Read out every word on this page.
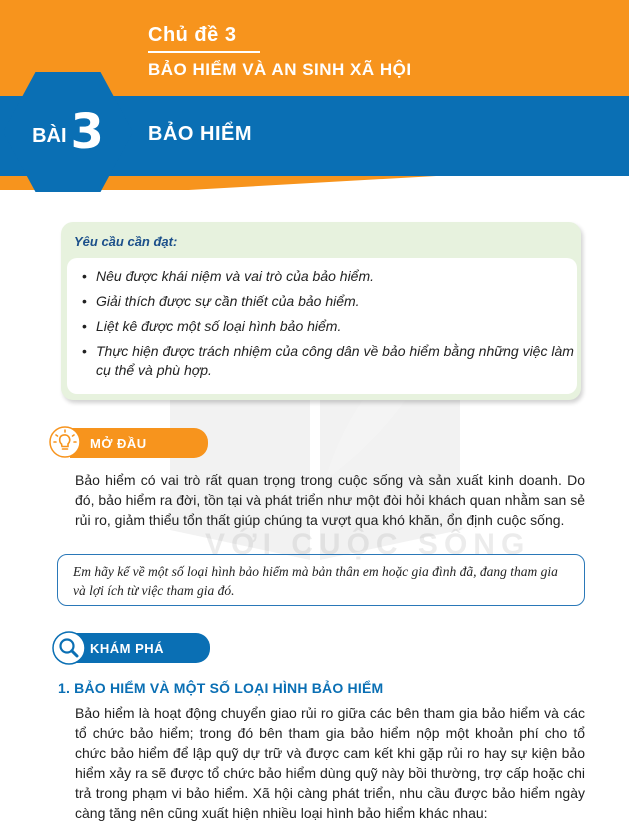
Chủ đề 3
BẢO HIỂM VÀ AN SINH XÃ HỘI
BÀI 3 BẢO HIỂM
VỚI CUỘC SỐNG
Yêu cầu cần đạt:
• Nêu được khái niệm và vai trò của bảo hiểm.
• Giải thích được sự cần thiết của bảo hiểm.
• Liệt kê được một số loại hình bảo hiểm.
• Thực hiện được trách nhiệm của công dân về bảo hiểm bằng những việc làm cụ thể và phù hợp.
MỞ ĐẦU

Bảo hiểm có vai trò rất quan trọng trong cuộc sống và sản xuất kinh doanh. Do đó, bảo hiểm ra đời, tồn tại và phát triển như một đòi hỏi khách quan nhằm san sẻ rủi ro, giảm thiểu tổn thất giúp chúng ta vượt qua khó khăn, ổn định cuộc sống.

Em hãy kể về một số loại hình bảo hiểm mà bản thân em hoặc gia đình đã, đang tham gia và lợi ích từ việc tham gia đó.
KHÁM PHÁ
1. BẢO HIỂM VÀ MỘT SỐ LOẠI HÌNH BẢO HIỂM

Bảo hiểm là hoạt động chuyển giao rủi ro giữa các bên tham gia bảo hiểm và các tổ chức bảo hiểm; trong đó bên tham gia bảo hiểm nộp một khoản phí cho tổ chức bảo hiểm để lập quỹ dự trữ và được cam kết khi gặp rủi ro hay sự kiện bảo hiểm xảy ra sẽ được tổ chức bảo hiểm dùng quỹ này bồi thường, trợ cấp hoặc chi trả trong phạm vi bảo hiểm. Xã hội càng phát triển, nhu cầu được bảo hiểm ngày càng tăng nên cũng xuất hiện nhiều loại hình bảo hiểm khác nhau:
